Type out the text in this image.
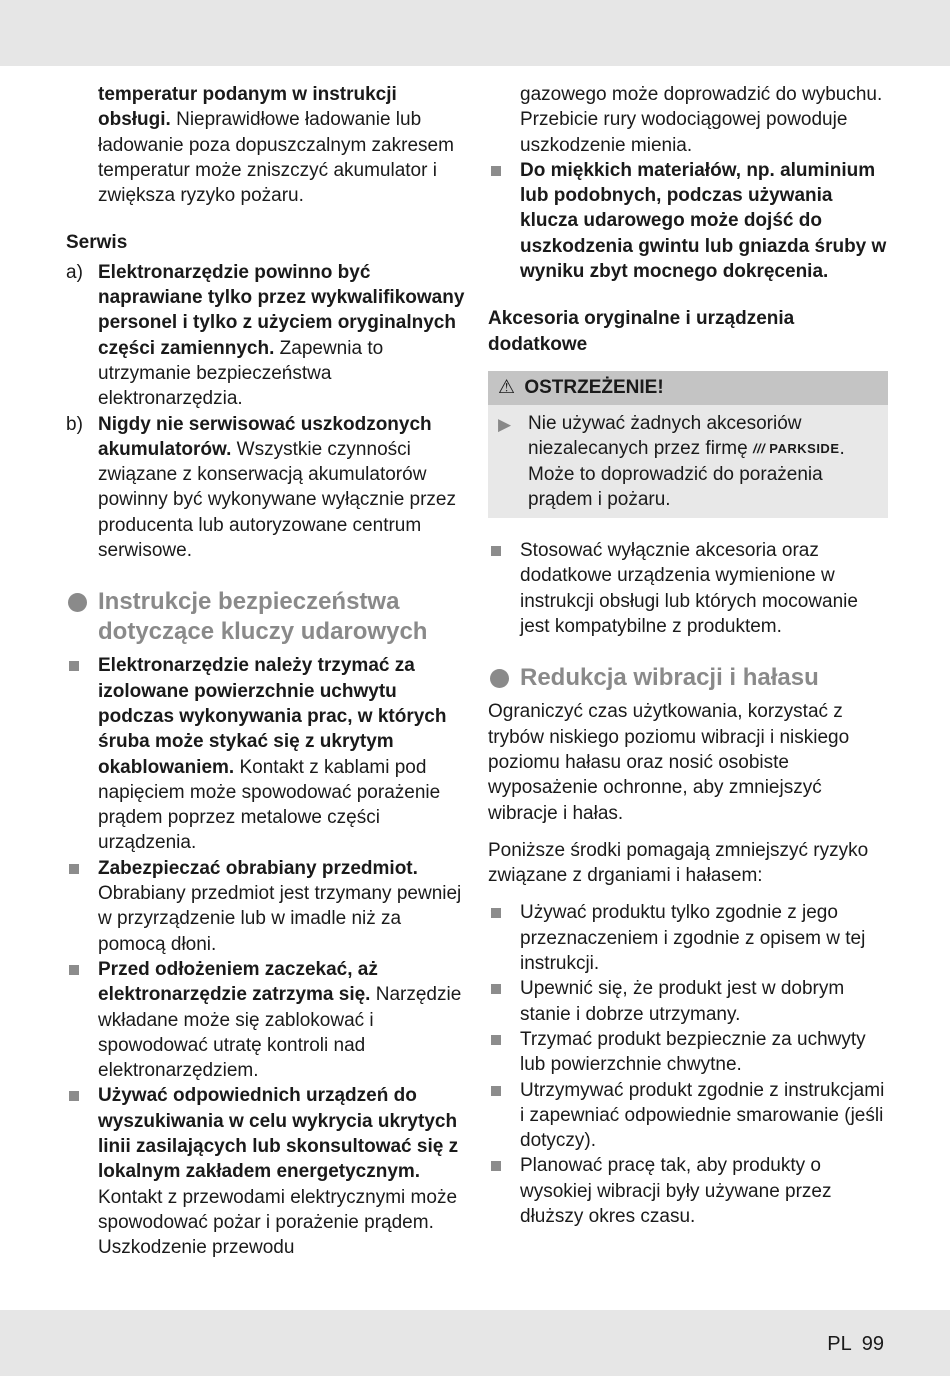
temperatur podanym w instrukcji obsługi. Nieprawidłowe ładowanie lub ładowanie poza dopuszczalnym zakresem temperatur może zniszczyć akumulator i zwiększa ryzyko pożaru.

Serwis

a) Elektronarzędzie powinno być naprawiane tylko przez wykwalifikowany personel i tylko z użyciem oryginalnych części zamiennych. Zapewnia to utrzymanie bezpieczeństwa elektronarzędzia.
b) Nigdy nie serwisować uszkodzonych akumulatorów. Wszystkie czynności związane z konserwacją akumulatorów powinny być wykonywane wyłącznie przez producenta lub autoryzowane centrum serwisowe.
Instrukcje bezpieczeństwa dotyczące kluczy udarowych
Elektronarzędzie należy trzymać za izolowane powierzchnie uchwytu podczas wykonywania prac, w których śruba może stykać się z ukrytym okablowaniem. Kontakt z kablami pod napięciem może spowodować porażenie prądem poprzez metalowe części urządzenia.
Zabezpieczać obrabiany przedmiot. Obrabiany przedmiot jest trzymany pewniej w przyrządzenie lub w imadle niż za pomocą dłoni.
Przed odłożeniem zaczekać, aż elektronarzędzie zatrzyma się. Narzędzie wkładane może się zablokować i spowodować utratę kontroli nad elektronarzędziem.
Używać odpowiednich urządzeń do wyszukiwania w celu wykrycia ukrytych linii zasilających lub skonsultować się z lokalnym zakładem energetycznym. Kontakt z przewodami elektrycznymi może spowodować pożar i porażenie prądem. Uszkodzenie przewodu

gazowego może doprowadzić do wybuchu. Przebicie rury wodociągowej powoduje uszkodzenie mienia.

Do miękkich materiałów, np. aluminium lub podobnych, podczas używania klucza udarowego może dojść do uszkodzenia gwintu lub gniazda śruby w wyniku zbyt mocnego dokręcenia.

Akcesoria oryginalne i urządzenia dodatkowe

⚠ OSTRZEŻENIE!
▶ Nie używać żadnych akcesoriów niezalecanych przez firmę /// PARKSIDE. Może to doprowadzić do porażenia prądem i pożaru.
Stosować wyłącznie akcesoria oraz dodatkowe urządzenia wymienione w instrukcji obsługi lub których mocowanie jest kompatybilne z produktem.
Redukcja wibracji i hałasu

Ograniczyć czas użytkowania, korzystać z trybów niskiego poziomu wibracji i niskiego poziomu hałasu oraz nosić osobiste wyposażenie ochronne, aby zmniejszyć wibracje i hałas.

Poniższe środki pomagają zmniejszyć ryzyko związane z drganiami i hałasem:

Używać produktu tylko zgodnie z jego przeznaczeniem i zgodnie z opisem w tej instrukcji.
Upewnić się, że produkt jest w dobrym stanie i dobrze utrzymany.
Trzymać produkt bezpiecznie za uchwyty lub powierzchnie chwytne.
Utrzymywać produkt zgodnie z instrukcjami i zapewniać odpowiednie smarowanie (jeśli dotyczy).
Planować pracę tak, aby produkty o wysokiej wibracji były używane przez dłuższy okres czasu.
PL 99
